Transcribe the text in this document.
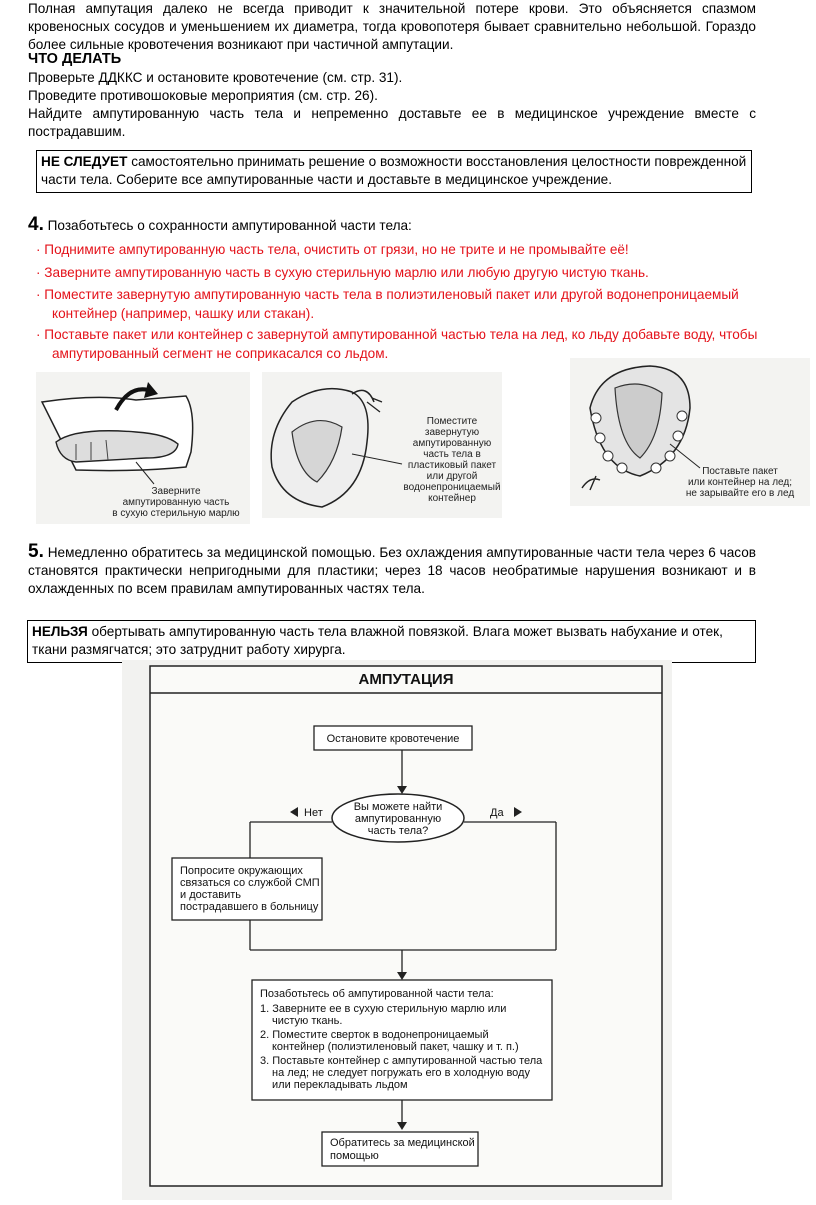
Полная ампутация далеко не всегда приводит к значительной потере крови. Это объясняется спазмом кровеносных сосудов и уменьшением их диаметра, тогда кровопотеря бывает сравнительно небольшой. Гораздо более сильные кровотечения возникают при частичной ампутации.

ЧТО ДЕЛАТЬ

Проверьте ДДККС и остановите кровотечение (см. стр. 31).

Проведите противошоковые мероприятия (см. стр. 26).

Найдите ампутированную часть тела и непременно доставьте ее в медицинское учреждение вместе с пострадавшим.

НЕ СЛЕДУЕТ самостоятельно принимать решение о возможности восстановления целостности поврежденной части тела. Соберите все ампутированные части и доставьте в медицинское учреждение.
4. Позаботьтесь о сохранности ампутированной части тела:
· Поднимите ампутированную часть тела, очистить от грязи, но не трите и не промывайте её!
· Заверните ампутированную часть в сухую стерильную марлю или любую другую чистую ткань.
· Поместите завернутую ампутированную часть тела в полиэтиленовый пакет или другой водонепроницаемый
контейнер (например, чашку или стакан).
· Поставьте пакет или контейнер с завернутой ампутированной частью тела на лед, ко льду добавьте воду, чтобы
ампутированный сегмент не соприкасался со льдом.
Заверните
ампутированную часть
в сухую стерильную марлю
Поместите
завернутую
ампутированную
часть тела в
пластиковый пакет
или другой
водонепроницаемый
контейнер
Поставьте пакет
или контейнер на лед;
не зарывайте его в лед
5. Немедленно обратитесь за медицинской помощью. Без охлаждения ампутированные части тела через 6 часов становятся практически непригодными для пластики; через 18 часов необратимые нарушения возникают и в охлажденных по всем правилам ампутированных частях тела.
НЕЛЬЗЯ обертывать ампутированную часть тела влажной повязкой. Влага может вызвать набухание и отек, ткани размягчатся; это затруднит работу хирурга.
АМПУТАЦИЯ
Остановите кровотечение
Вы можете найти
ампутированную
часть тела?
Нет	Да
Попросите окружающих
связаться со службой СМП
и доставить
пострадавшего в больницу
Позаботьтесь об ампутированной части тела:
1. Заверните ее в сухую стерильную марлю или
чистую ткань.
2. Поместите сверток в водонепроницаемый
контейнер (полиэтиленовый пакет, чашку и т. п.)
3. Поставьте контейнер с ампутированной частью тела
на лед; не следует погружать его в холодную воду
или перекладывать льдом
Обратитесь за медицинской
помощью
